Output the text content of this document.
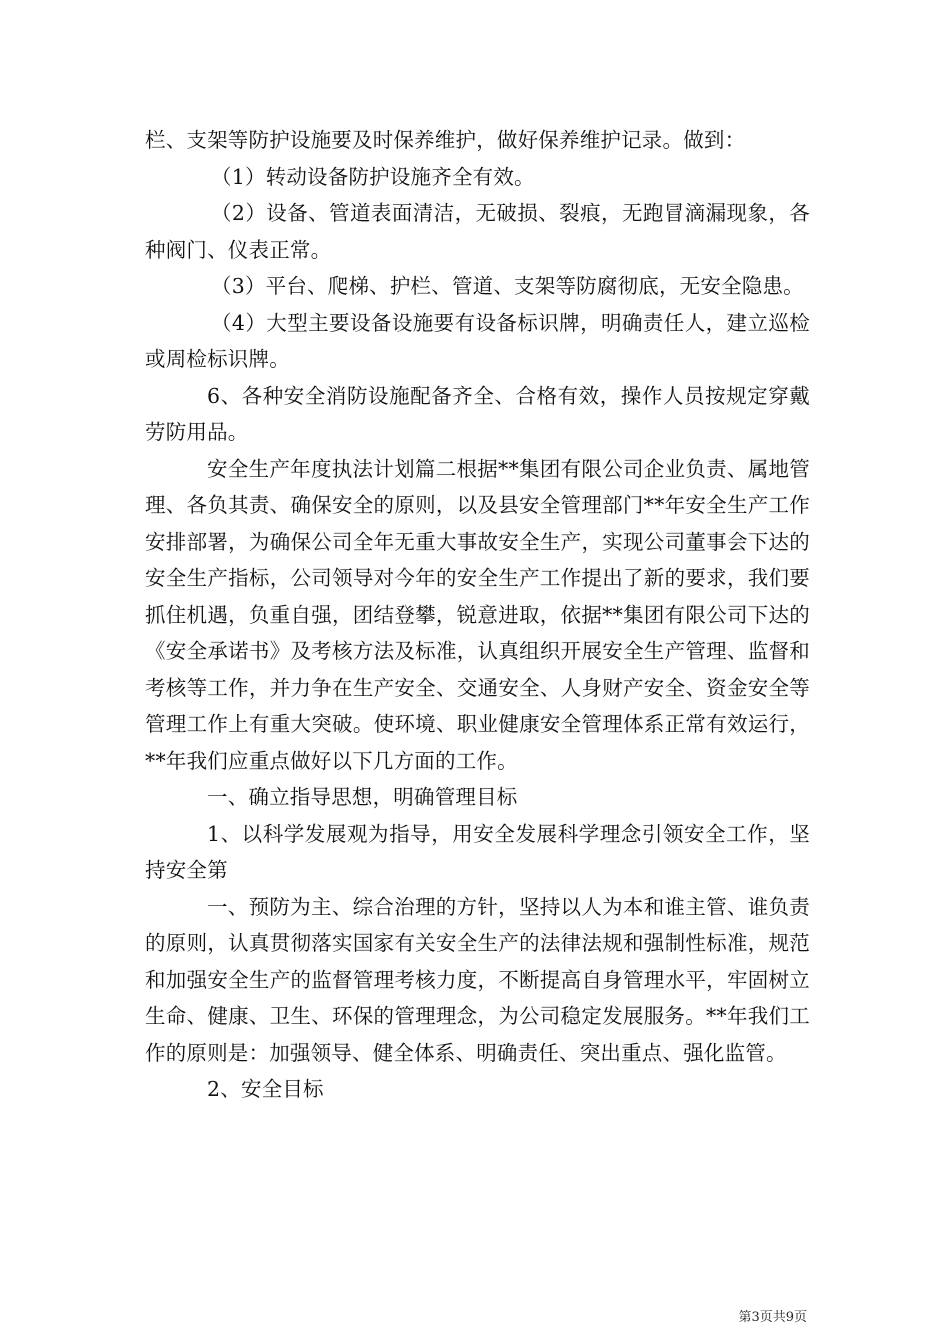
栏、支架等防护设施要及时保养维护，做好保养维护记录。做到：

（1）转动设备防护设施齐全有效。

（2）设备、管道表面清洁，无破损、裂痕，无跑冒滴漏现象，各种阀门、仪表正常。

（3）平台、爬梯、护栏、管道、支架等防腐彻底，无安全隐患。

（4）大型主要设备设施要有设备标识牌，明确责任人，建立巡检或周检标识牌。

6、各种安全消防设施配备齐全、合格有效，操作人员按规定穿戴劳防用品。

安全生产年度执法计划篇二根据**集团有限公司企业负责、属地管理、各负其责、确保安全的原则，以及县安全管理部门**年安全生产工作安排部署，为确保公司全年无重大事故安全生产，实现公司董事会下达的安全生产指标，公司领导对今年的安全生产工作提出了新的要求，我们要抓住机遇，负重自强，团结登攀，锐意进取，依据**集团有限公司下达的《安全承诺书》及考核方法及标准，认真组织开展安全生产管理、监督和考核等工作，并力争在生产安全、交通安全、人身财产安全、资金安全等管理工作上有重大突破。使环境、职业健康安全管理体系正常有效运行，**年我们应重点做好以下几方面的工作。

一、确立指导思想，明确管理目标

1、以科学发展观为指导，用安全发展科学理念引领安全工作，坚持安全第

一、预防为主、综合治理的方针，坚持以人为本和谁主管、谁负责的原则，认真贯彻落实国家有关安全生产的法律法规和强制性标准，规范和加强安全生产的监督管理考核力度，不断提高自身管理水平，牢固树立生命、健康、卫生、环保的管理理念，为公司稳定发展服务。**年我们工作的原则是：加强领导、健全体系、明确责任、突出重点、强化监管。

2、安全目标

第3页共9页
